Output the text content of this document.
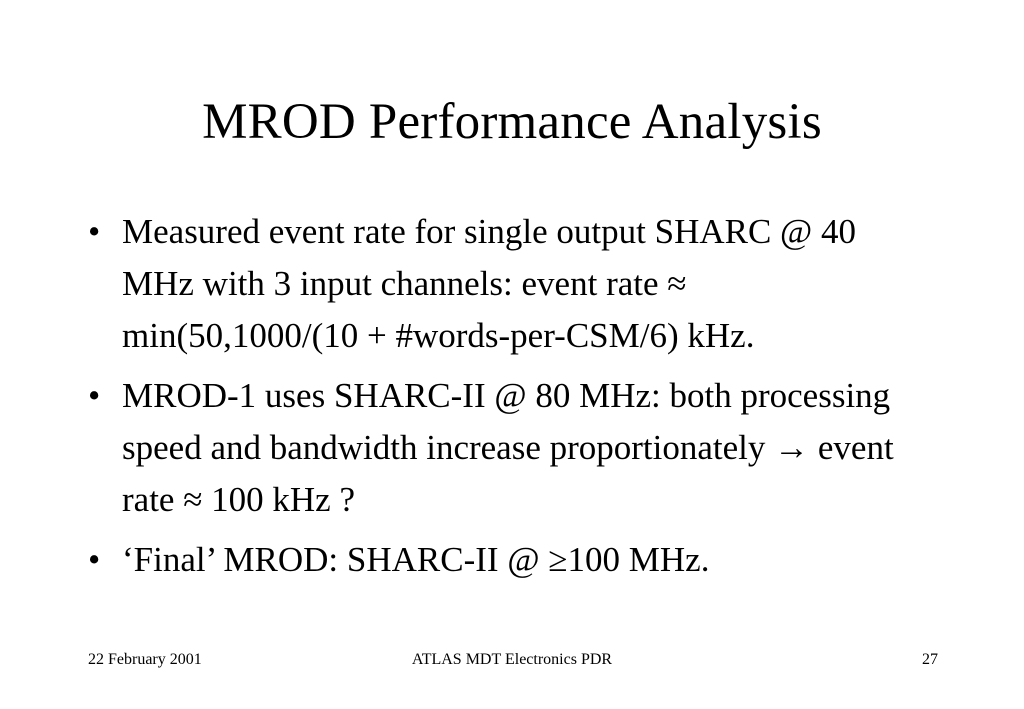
MROD Performance Analysis
• Measured event rate for single output SHARC @ 40 MHz with 3 input channels: event rate ≈ min(50,1000/(10 + #words-per-CSM/6) kHz.
• MROD-1 uses SHARC-II @ 80 MHz: both processing speed and bandwidth increase proportionately → event rate ≈ 100 kHz ?
• ‘Final’ MROD: SHARC-II @ ≥100 MHz.
22 February 2001	ATLAS MDT Electronics PDR	27
